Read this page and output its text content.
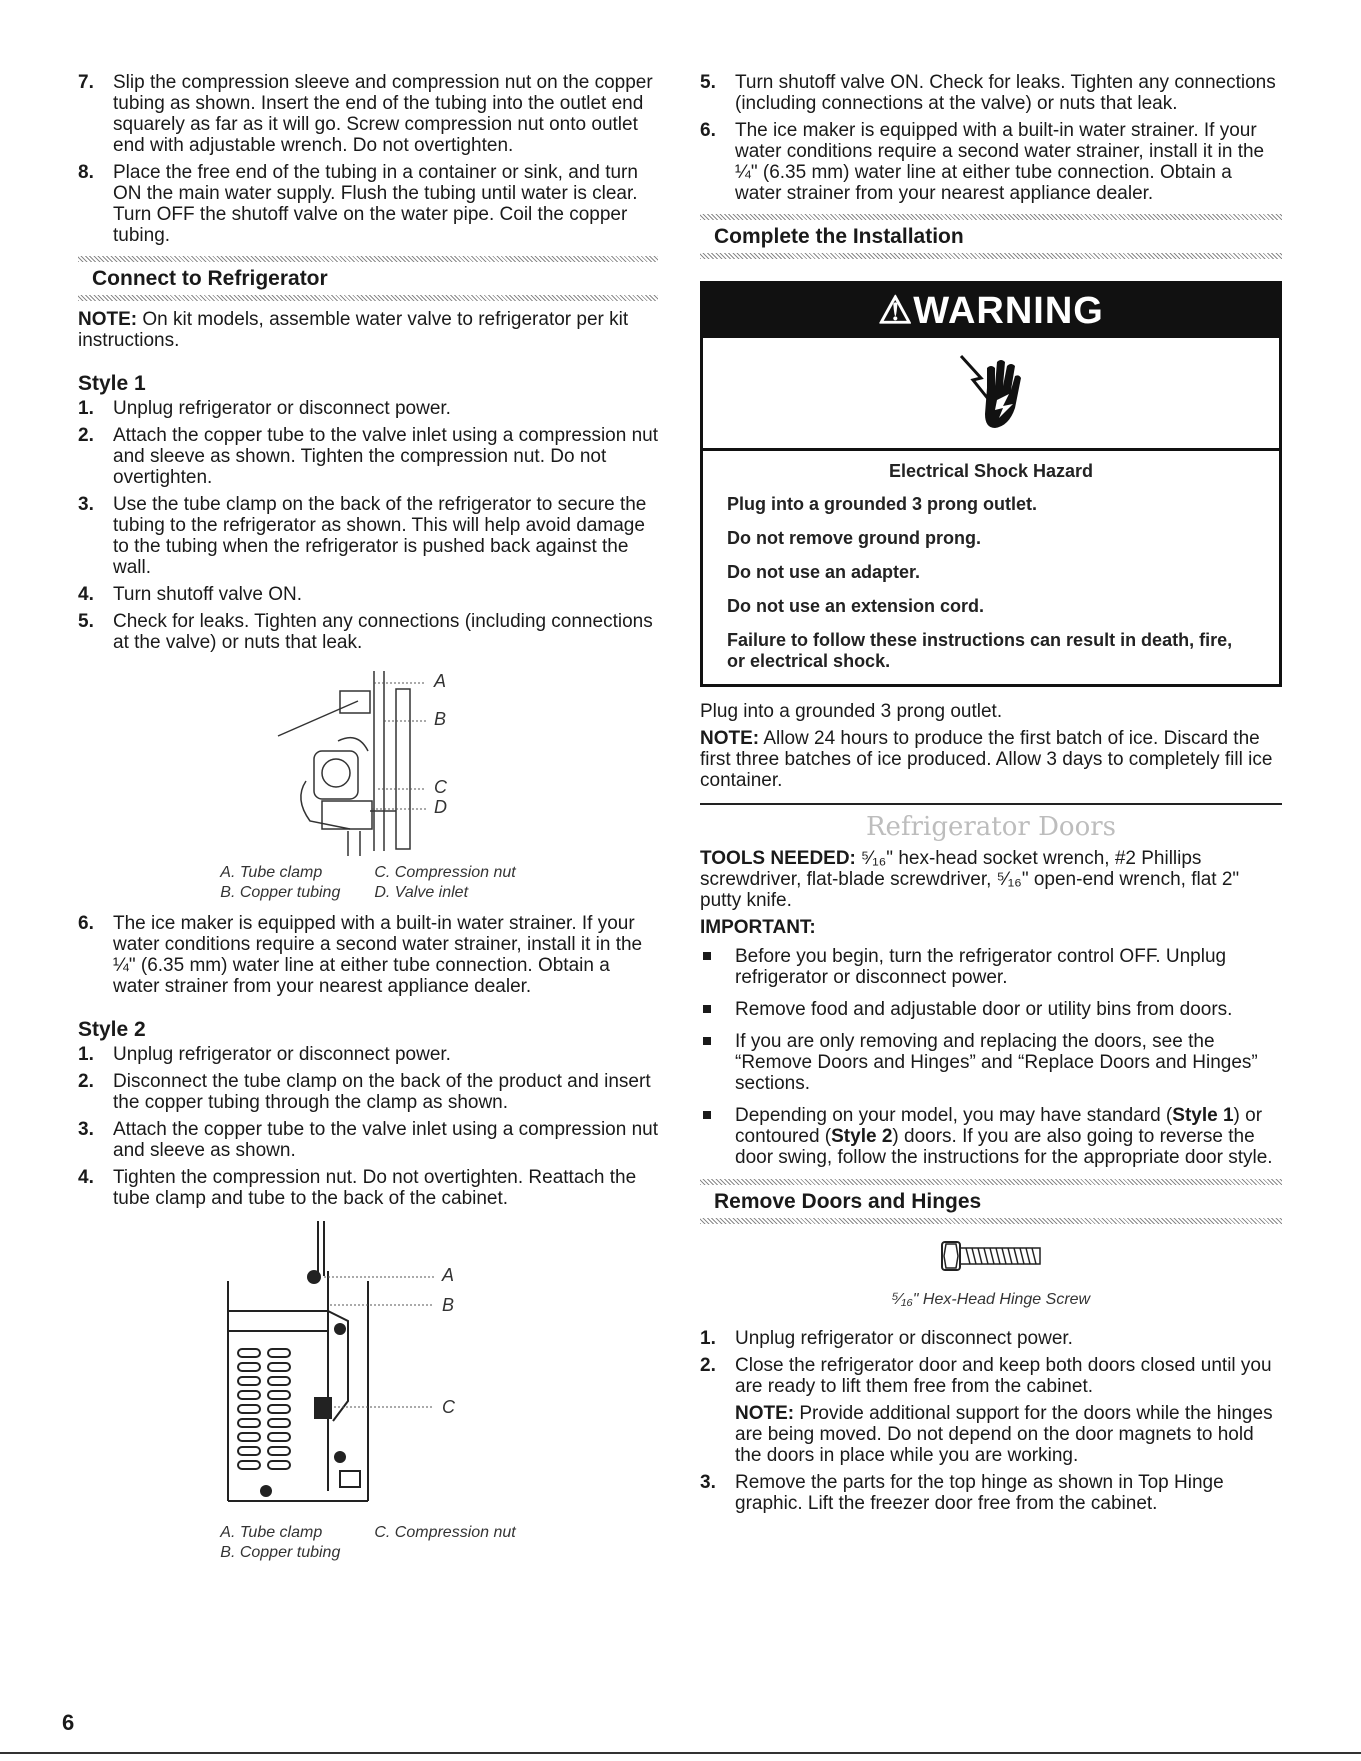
7. Slip the compression sleeve and compression nut on the copper tubing as shown. Insert the end of the tubing into the outlet end squarely as far as it will go. Screw compression nut onto outlet end with adjustable wrench. Do not overtighten.
8. Place the free end of the tubing in a container or sink, and turn ON the main water supply. Flush the tubing until water is clear. Turn OFF the shutoff valve on the water pipe. Coil the copper tubing.
Connect to Refrigerator

NOTE: On kit models, assemble water valve to refrigerator per kit instructions.

Style 1
1. Unplug refrigerator or disconnect power.
2. Attach the copper tube to the valve inlet using a compression nut and sleeve as shown. Tighten the compression nut. Do not overtighten.
3. Use the tube clamp on the back of the refrigerator to secure the tubing to the refrigerator as shown. This will help avoid damage to the tubing when the refrigerator is pushed back against the wall.
4. Turn shutoff valve ON.
5. Check for leaks. Tighten any connections (including connections at the valve) or nuts that leak.
A
B
C
D
A. Tube clamp
B. Copper tubing
C. Compression nut
D. Valve inlet
6. The ice maker is equipped with a built-in water strainer. If your water conditions require a second water strainer, install it in the ¼" (6.35 mm) water line at either tube connection. Obtain a water strainer from your nearest appliance dealer.
Style 2
1. Unplug refrigerator or disconnect power.
2. Disconnect the tube clamp on the back of the product and insert the copper tubing through the clamp as shown.
3. Attach the copper tube to the valve inlet using a compression nut and sleeve as shown.
4. Tighten the compression nut. Do not overtighten. Reattach the tube clamp and tube to the back of the cabinet.
A
B
C
A. Tube clamp
B. Copper tubing
C. Compression nut
5. Turn shutoff valve ON. Check for leaks. Tighten any connections (including connections at the valve) or nuts that leak.
6. The ice maker is equipped with a built-in water strainer. If your water conditions require a second water strainer, install it in the ¼" (6.35 mm) water line at either tube connection. Obtain a water strainer from your nearest appliance dealer.
Complete the Installation
⚠WARNING
Electrical Shock Hazard

Plug into a grounded 3 prong outlet.

Do not remove ground prong.

Do not use an adapter.

Do not use an extension cord.

Failure to follow these instructions can result in death, fire, or electrical shock.

Plug into a grounded 3 prong outlet.

NOTE: Allow 24 hours to produce the first batch of ice. Discard the first three batches of ice produced. Allow 3 days to completely fill ice container.

Refrigerator Doors

TOOLS NEEDED: ⁵⁄₁₆" hex-head socket wrench, #2 Phillips screwdriver, flat-blade screwdriver, ⁵⁄₁₆" open-end wrench, flat 2" putty knife.

IMPORTANT:
Before you begin, turn the refrigerator control OFF. Unplug refrigerator or disconnect power.
Remove food and adjustable door or utility bins from doors.
If you are only removing and replacing the doors, see the “Remove Doors and Hinges” and “Replace Doors and Hinges” sections.
Depending on your model, you may have standard (Style 1) or contoured (Style 2) doors. If you are also going to reverse the door swing, follow the instructions for the appropriate door style.
Remove Doors and Hinges
⁵⁄₁₆" Hex-Head Hinge Screw
1. Unplug refrigerator or disconnect power.
2. Close the refrigerator door and keep both doors closed until you are ready to lift them free from the cabinet.

NOTE: Provide additional support for the doors while the hinges are being moved. Do not depend on the door magnets to hold the doors in place while you are working.

3. Remove the parts for the top hinge as shown in Top Hinge graphic. Lift the freezer door free from the cabinet.
6
